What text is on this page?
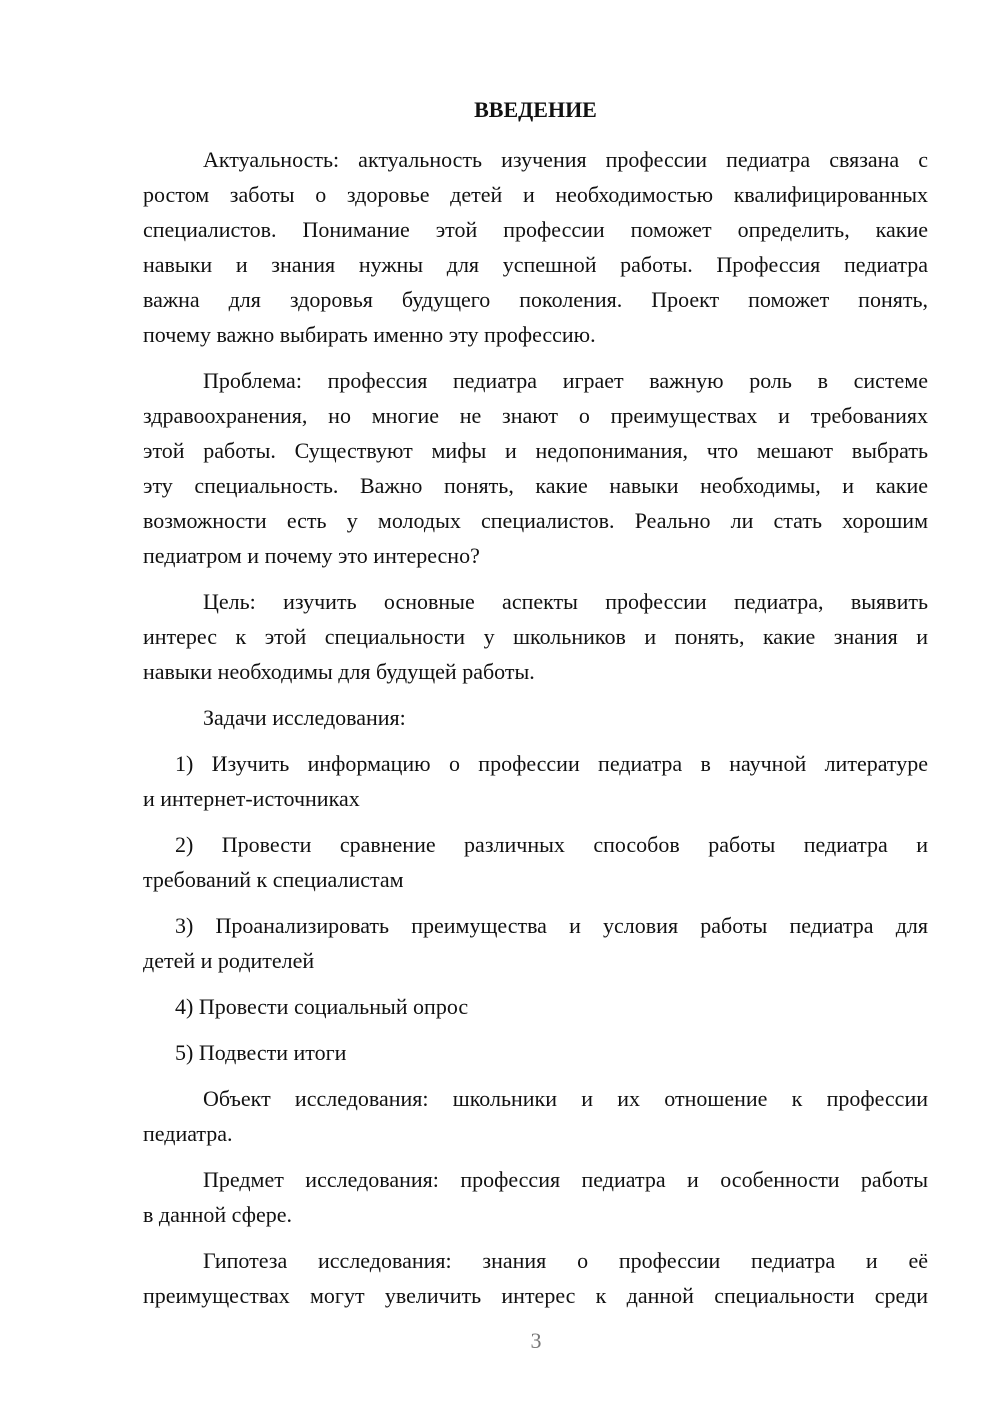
ВВЕДЕНИЕ
Актуальность: актуальность изучения профессии педиатра связана с
ростом заботы о здоровье детей и необходимостью квалифицированных
специалистов. Понимание этой профессии поможет определить, какие
навыки и знания нужны для успешной работы. Профессия педиатра
важна для здоровья будущего поколения. Проект поможет понять,
почему важно выбирать именно эту профессию.
Проблема: профессия педиатра играет важную роль в системе
здравоохранения, но многие не знают о преимуществах и требованиях
этой работы. Существуют мифы и недопонимания, что мешают выбрать
эту специальность. Важно понять, какие навыки необходимы, и какие
возможности есть у молодых специалистов. Реально ли стать хорошим
педиатром и почему это интересно?
Цель: изучить основные аспекты профессии педиатра, выявить
интерес к этой специальности у школьников и понять, какие знания и
навыки необходимы для будущей работы.
Задачи исследования:
1) Изучить информацию о профессии педиатра в научной литературе
и интернет-источниках
2) Провести сравнение различных способов работы педиатра и
требований к специалистам
3) Проанализировать преимущества и условия работы педиатра для
детей и родителей
4) Провести социальный опрос
5) Подвести итоги
Объект исследования: школьники и их отношение к профессии
педиатра.
Предмет исследования: профессия педиатра и особенности работы
в данной сфере.
Гипотеза исследования: знания о профессии педиатра и её
преимуществах могут увеличить интерес к данной специальности среди
3
